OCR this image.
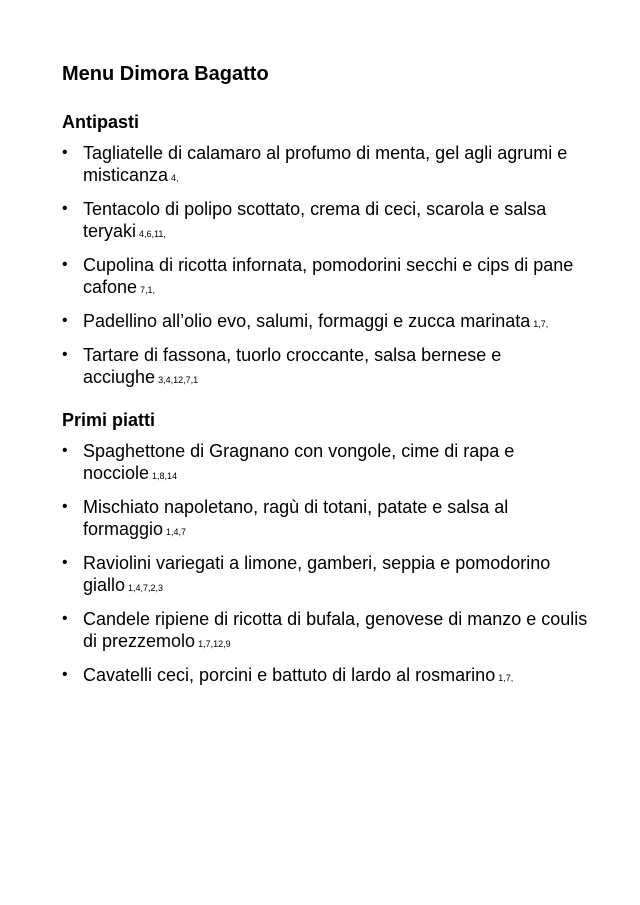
Menu Dimora Bagatto
Antipasti
• Tagliatelle di calamaro al profumo di menta, gel agli agrumi e misticanza 4,
• Tentacolo di polipo scottato, crema di ceci, scarola e salsa teryaki 4,6,11,
• Cupolina di ricotta infornata, pomodorini secchi e cips di pane cafone 7,1,
• Padellino all’olio evo, salumi, formaggi e zucca marinata 1,7,
• Tartare di fassona, tuorlo croccante, salsa bernese e acciughe 3,4,12,7,1
Primi piatti
• Spaghettone di Gragnano con vongole, cime di rapa e nocciole 1,8,14
• Mischiato napoletano, ragù di totani, patate e salsa al formaggio 1,4,7
• Raviolini variegati a limone, gamberi, seppia e pomodorino giallo 1,4,7,2,3
• Candele ripiene di ricotta di bufala, genovese di manzo e coulis di prezzemolo 1,7,12,9
• Cavatelli ceci, porcini e battuto di lardo al rosmarino 1,7,
